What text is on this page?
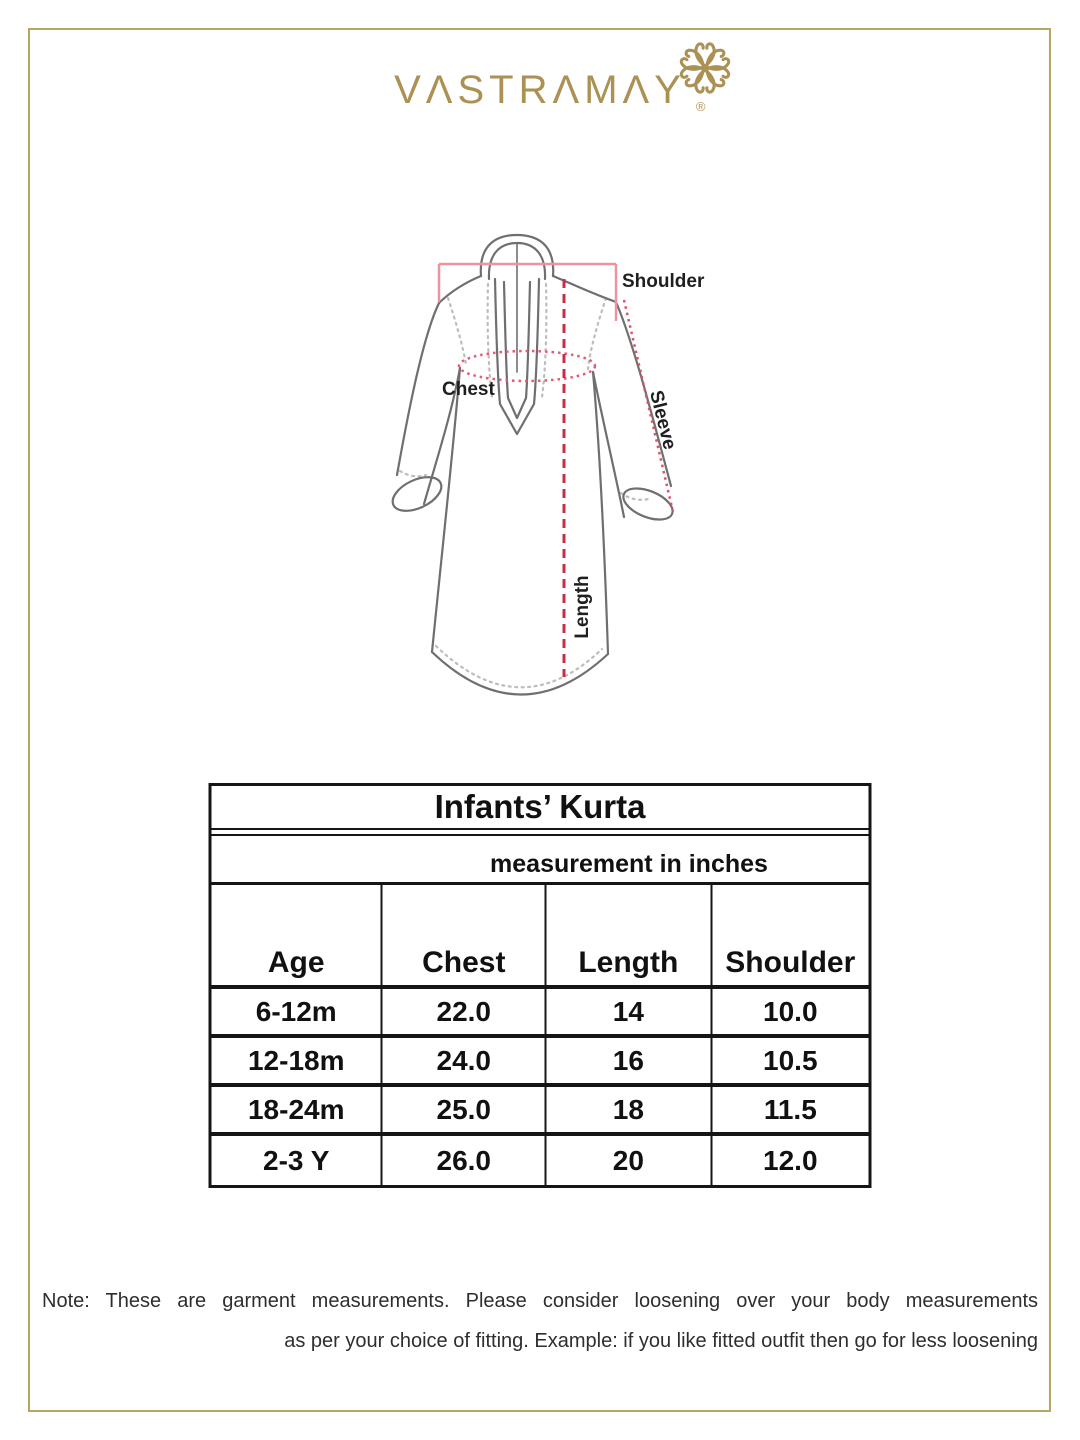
VΛSTRΛMΛY ®
Shoulder
Chest	Sleeve
Length
Infants’ Kurta
measurement in inches
Age	Chest	Length	Shoulder
6-12m	22.0	14	10.0
12-18m	24.0	16	10.5
18-24m	25.0	18	11.5
2-3 Y	26.0	20	12.0
Note: These are garment measurements. Please consider loosening over your body measurements
as per your choice of fitting. Example: if you like fitted outfit then go for less loosening
